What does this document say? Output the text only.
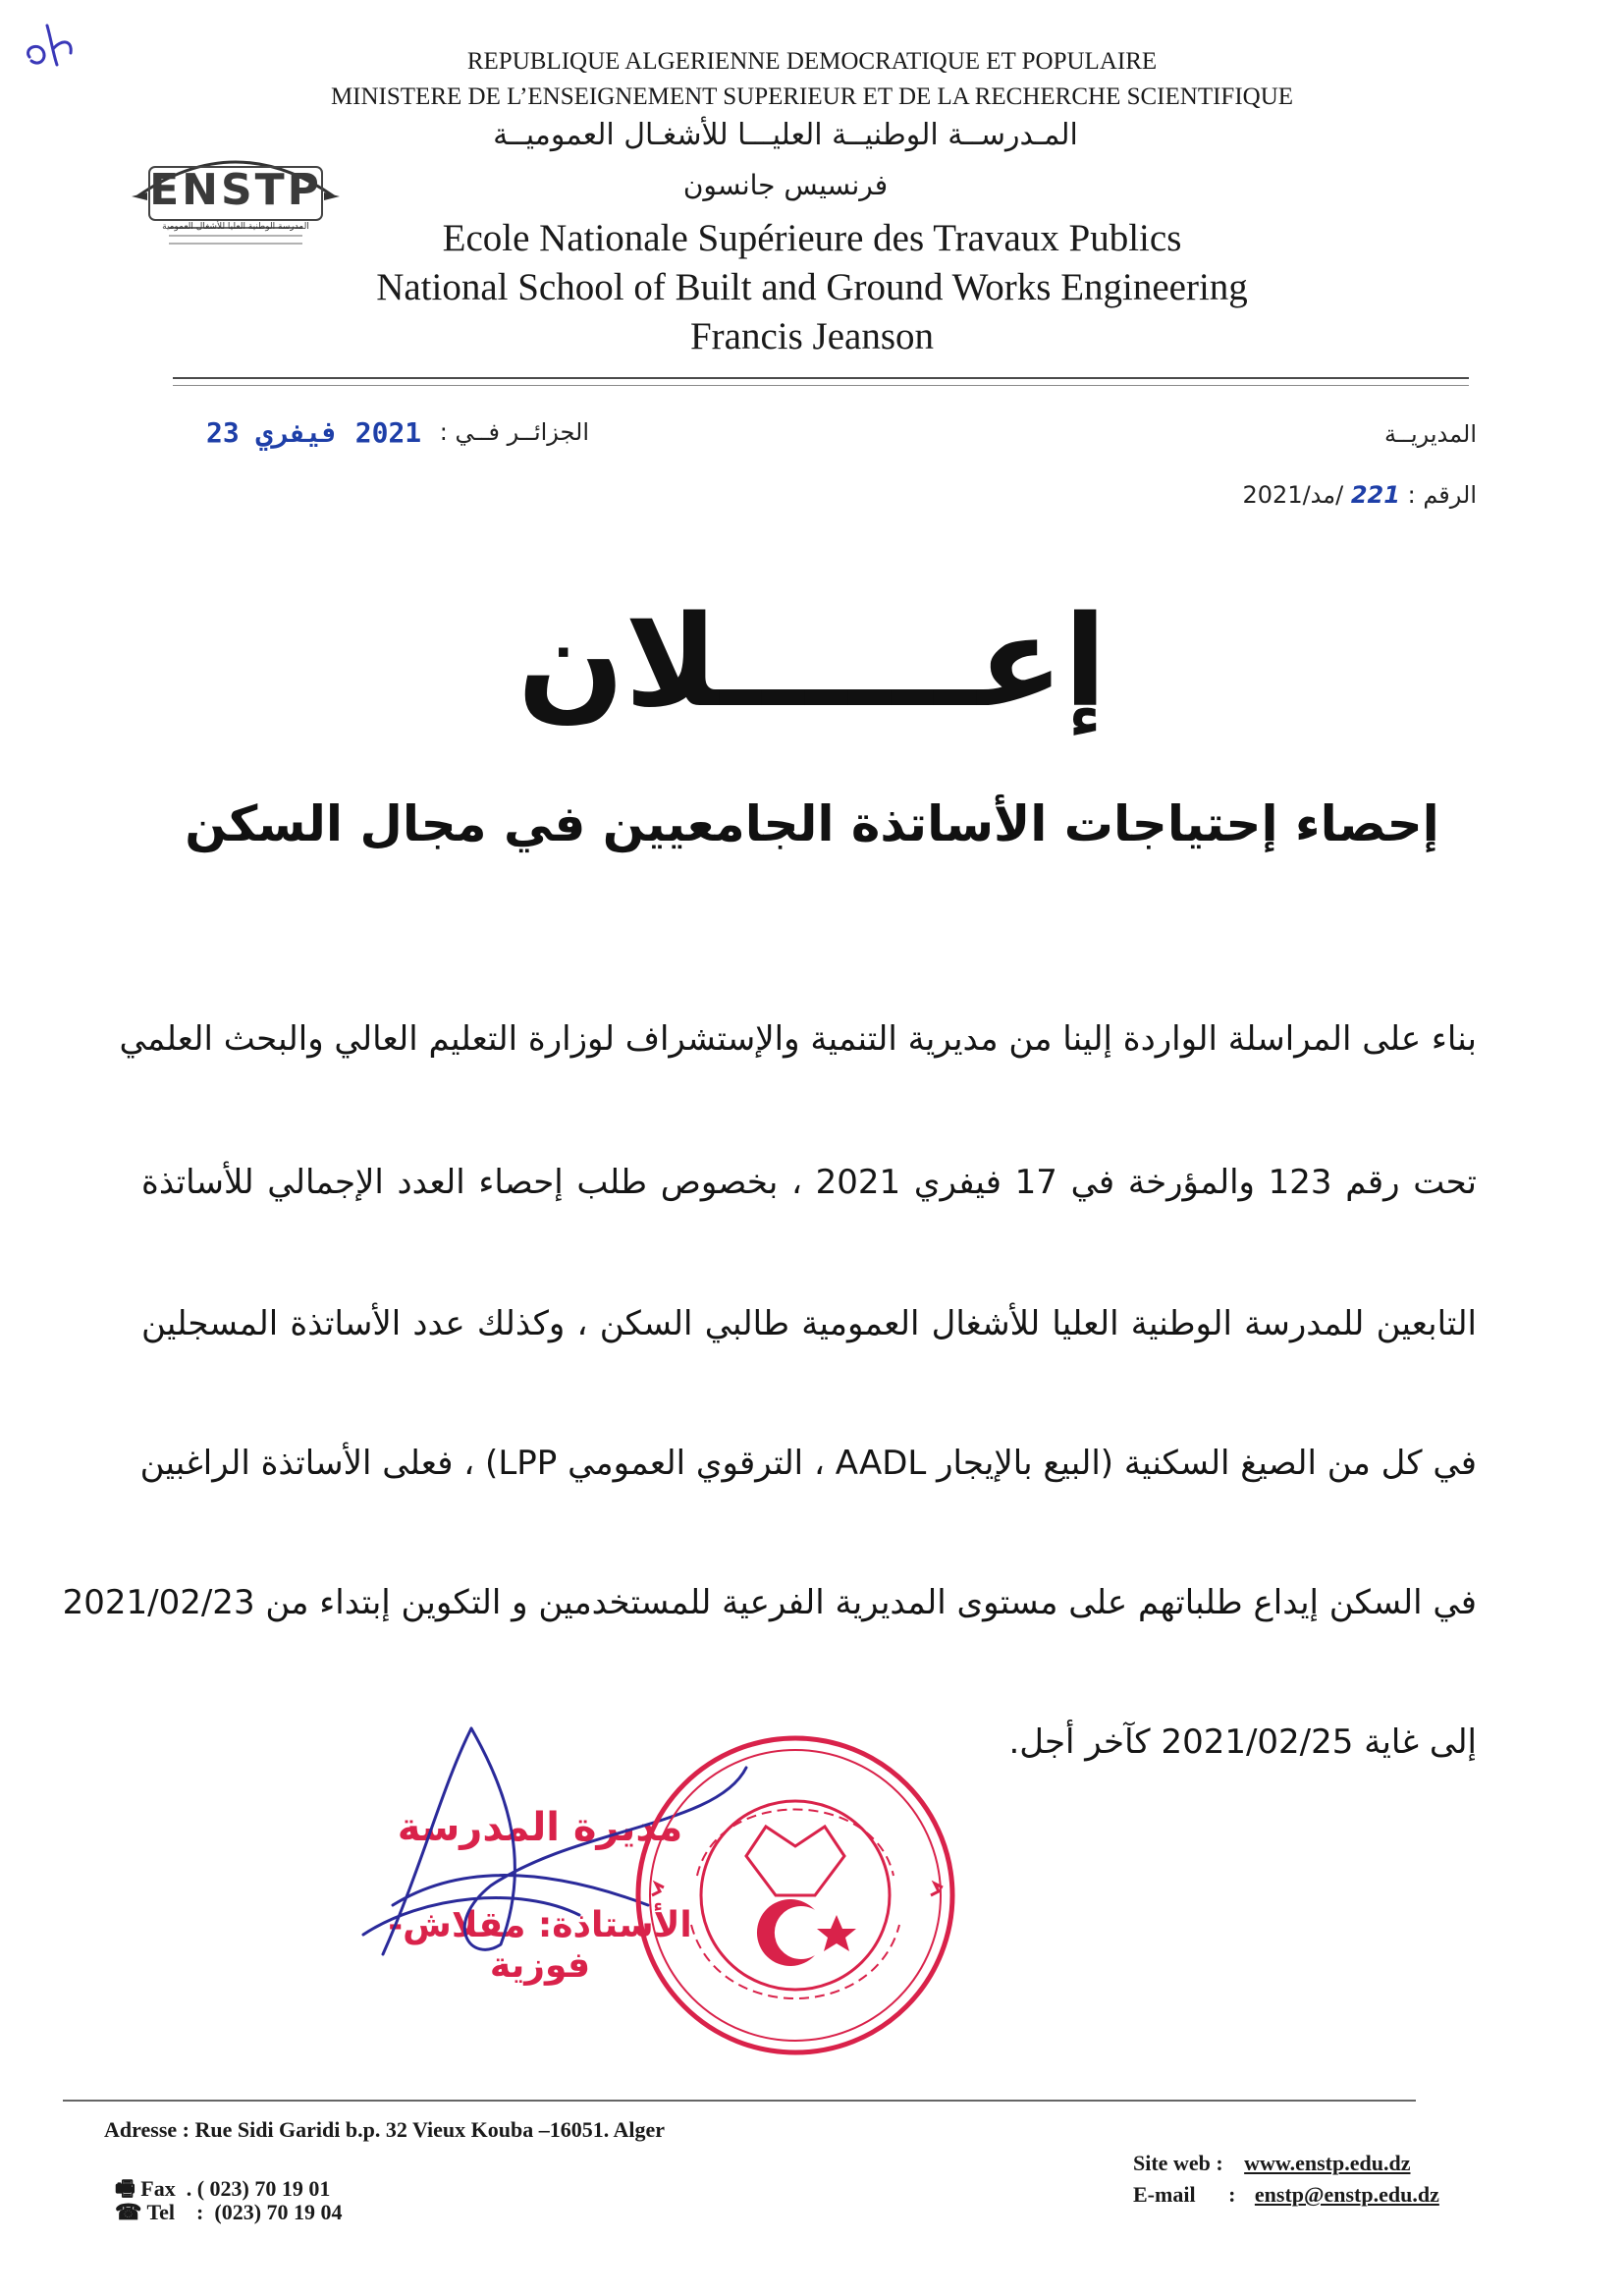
REPUBLIQUE ALGERIENNE DEMOCRATIQUE ET POPULAIRE
MINISTERE DE L’ENSEIGNEMENT SUPERIEUR ET DE LA RECHERCHE SCIENTIFIQUE
المـدرســة الوطنيــة العليـــا للأشغـال العموميــة
فرنسيس جانسون
ENSTP
المدرسة الوطنية العليا للأشغال العمومية	Ecole Nationale Supérieure des Travaux Publics
National School of Built and Ground Works Engineering
Francis Jeanson
2021 فيفري 23 الجزائــر فــي :	المديريــة
الرقم : 221 /مد/2021
إعــــــلان
إحصاء إحتياجات الأساتذة الجامعيين في مجال السكن
بناء على المراسلة الواردة إلينا من مديرية التنمية والإستشراف لوزارة التعليم العالي والبحث العلمي
تحت رقم 123 والمؤرخة في 17 فيفري 2021 ، بخصوص طلب إحصاء العدد الإجمالي للأساتذة
التابعين للمدرسة الوطنية العليا للأشغال العمومية طالبي السكن ، وكذلك عدد الأساتذة المسجلين
في كل من الصيغ السكنية (البيع بالإيجار AADL ، الترقوي العمومي LPP) ، فعلى الأساتذة الراغبين
في السكن إيداع طلباتهم على مستوى المديرية الفرعية للمستخدمين و التكوين إبتداء من 2021/02/23
إلى غاية 2021/02/25 كآخر أجل.
مديرة المدرسة
الأستاذة: مقلاش-فوزية
Adresse : Rue Sidi Garidi b.p. 32 Vieux Kouba –16051. Alger

🖷 Fax  . ( 023) 70 19 01

☎ Tel    :  (023) 70 19 04

Site web : www.enstp.edu.dz
E-mail : enstp@enstp.edu.dz
